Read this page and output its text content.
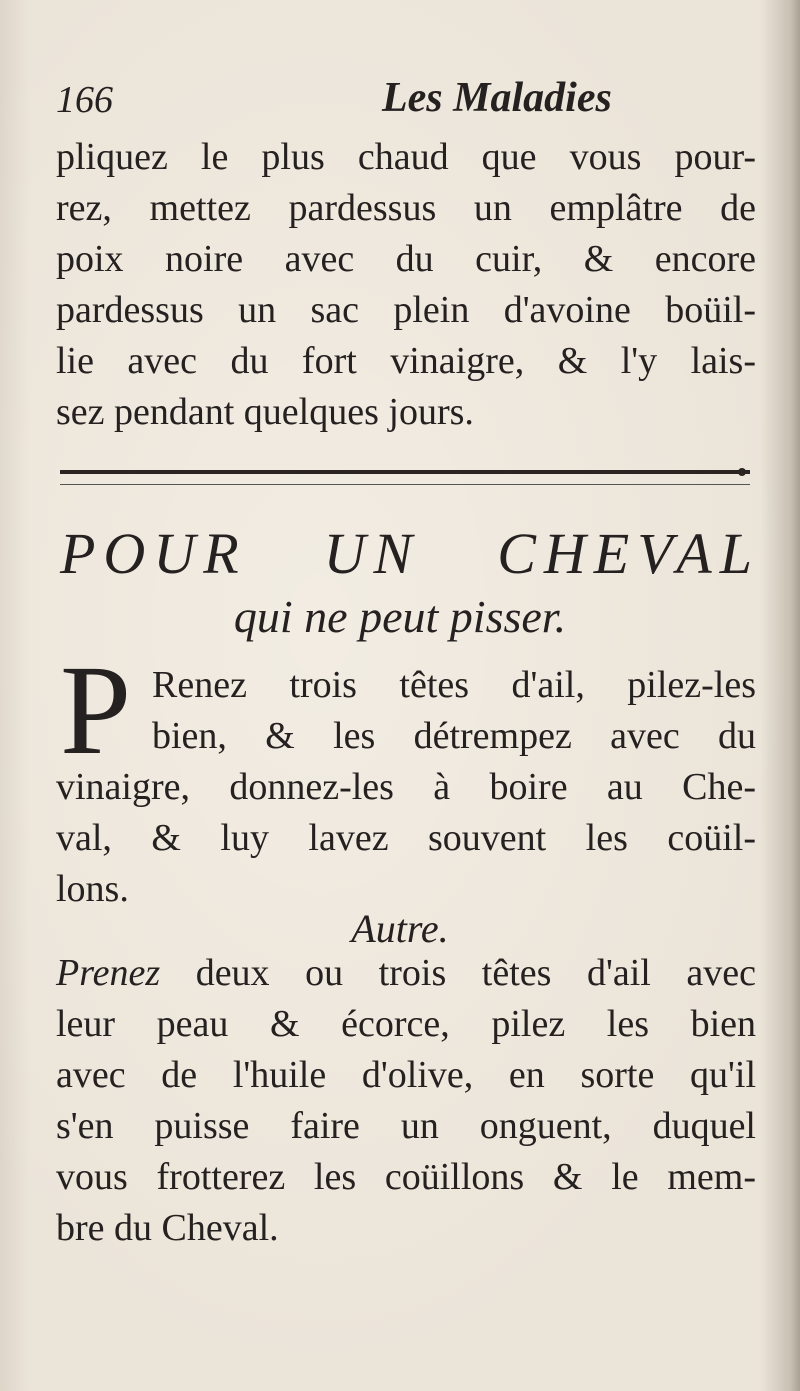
166	Les Maladies
pliquez le plus chaud que vous pour-
rez, mettez pardessus un emplâtre de
poix noire avec du cuir, & encore
pardessus un sac plein d'avoine boüil-
lie avec du fort vinaigre, & l'y lais-
sez pendant quelques jours.
POUR UN CHEVAL
qui ne peut pisser.
P Renez trois têtes d'ail, pilez-les
bien, & les détrempez avec du
vinaigre, donnez-les à boire au Che-
val, & luy lavez souvent les coüil-
lons.
Autre.
Prenez deux ou trois têtes d'ail avec
leur peau & écorce, pilez les bien
avec de l'huile d'olive, en sorte qu'il
s'en puisse faire un onguent, duquel
vous frotterez les coüillons & le mem-
bre du Cheval.
